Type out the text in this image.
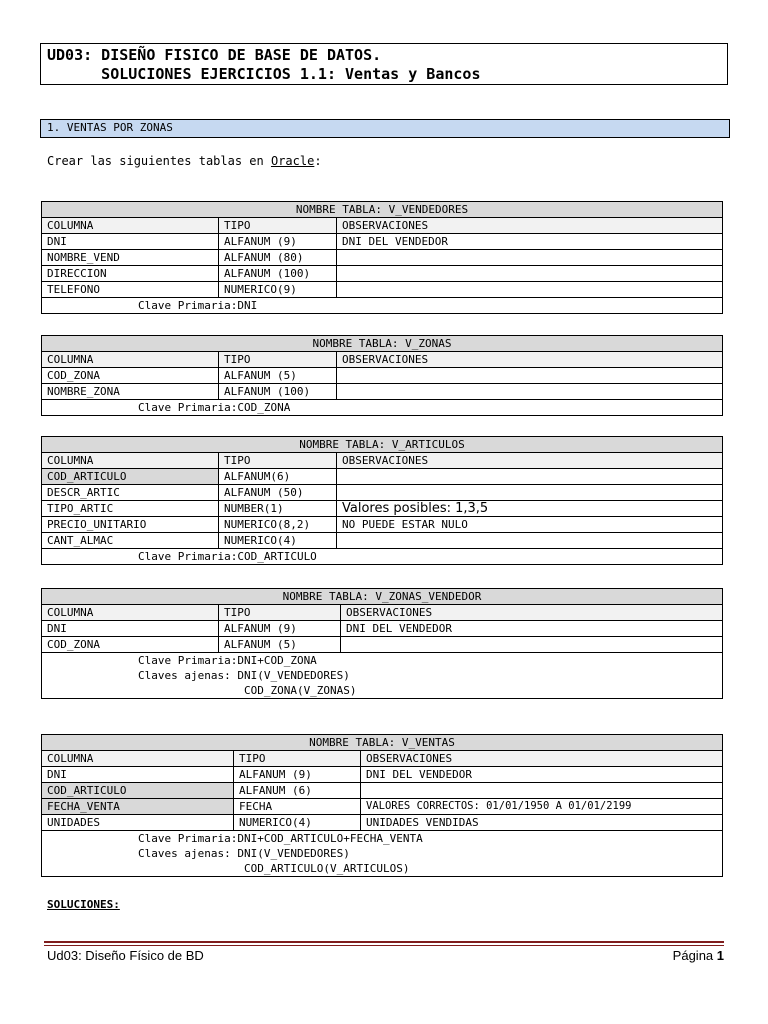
UD03: DISEÑO FISICO DE BASE DE DATOS.
SOLUCIONES EJERCICIOS 1.1: Ventas y Bancos
1. VENTAS POR ZONAS
Crear las siguientes tablas en Oracle:
NOMBRE TABLA: V_VENDEDORES
COLUMNA	TIPO	OBSERVACIONES
DNI	ALFANUM (9)	DNI DEL VENDEDOR
NOMBRE_VEND	ALFANUM (80)
DIRECCION	ALFANUM (100)
TELEFONO	NUMERICO(9)
Clave Primaria:DNI
NOMBRE TABLA: V_ZONAS
COLUMNA	TIPO	OBSERVACIONES
COD_ZONA	ALFANUM (5)
NOMBRE_ZONA	ALFANUM (100)
Clave Primaria:COD_ZONA
NOMBRE TABLA: V_ARTICULOS
COLUMNA	TIPO	OBSERVACIONES
COD_ARTICULO	ALFANUM(6)
DESCR_ARTIC	ALFANUM (50)
TIPO_ARTIC	NUMBER(1)	Valores posibles: 1,3,5
PRECIO_UNITARIO	NUMERICO(8,2)	NO PUEDE ESTAR NULO
CANT_ALMAC	NUMERICO(4)
Clave Primaria:COD_ARTICULO
NOMBRE TABLA: V_ZONAS_VENDEDOR
COLUMNA	TIPO	OBSERVACIONES
DNI	ALFANUM (9)	DNI DEL VENDEDOR
COD_ZONA	ALFANUM (5)
Clave Primaria:DNI+COD_ZONA
Claves ajenas: DNI(V_VENDEDORES)
COD_ZONA(V_ZONAS)
NOMBRE TABLA: V_VENTAS
COLUMNA	TIPO	OBSERVACIONES
DNI	ALFANUM (9)	DNI DEL VENDEDOR
COD_ARTICULO	ALFANUM (6)
FECHA_VENTA	FECHA	VALORES CORRECTOS: 01/01/1950 A 01/01/2199
UNIDADES	NUMERICO(4)	UNIDADES VENDIDAS
Clave Primaria:DNI+COD_ARTICULO+FECHA_VENTA
Claves ajenas: DNI(V_VENDEDORES)
COD_ARTICULO(V_ARTICULOS)
SOLUCIONES:
Ud03: Diseño Físico de BD	Página 1
